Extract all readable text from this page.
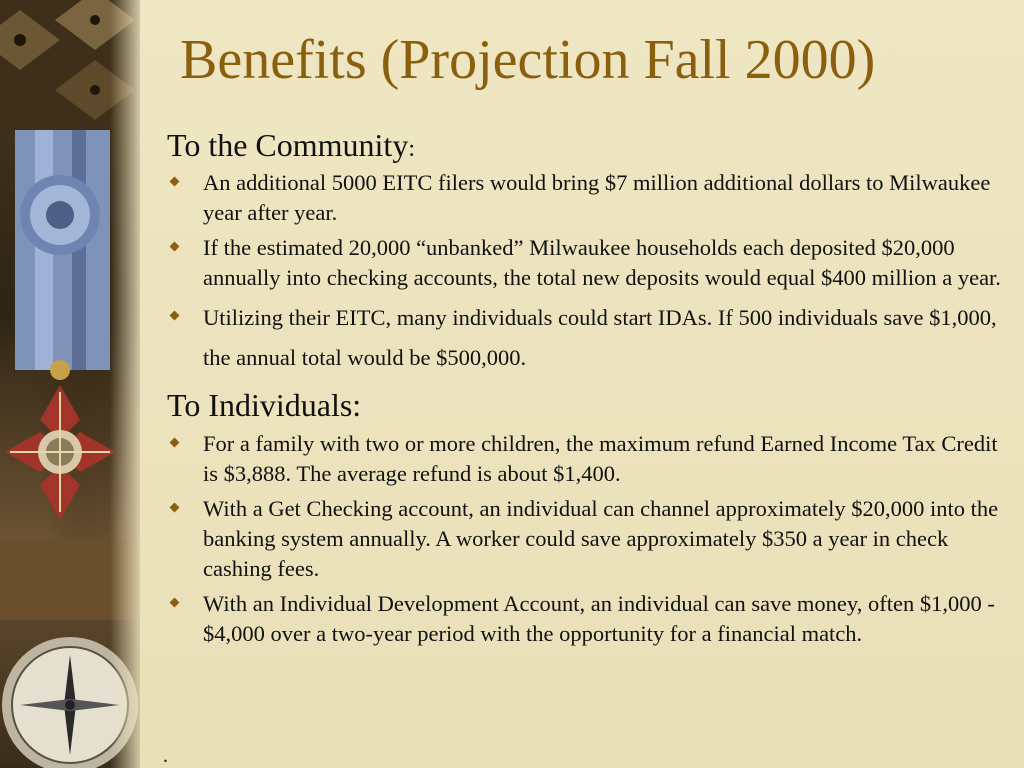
Benefits (Projection Fall 2000)
To the Community:
An additional 5000 EITC filers would bring $7 million additional dollars to Milwaukee year after year.
If the estimated 20,000 “unbanked” Milwaukee households each deposited $20,000 annually into checking accounts, the total new deposits would equal $400 million a year.
Utilizing their EITC, many individuals could start IDAs. If 500 individuals save $1,000, the annual total would be $500,000.
To Individuals:
For a family with two or more children, the maximum refund Earned Income Tax Credit is $3,888. The average refund is about $1,400.
With a Get Checking account, an individual can channel approximately $20,000 into the banking system annually. A worker could save approximately $350 a year in check cashing fees.
With an Individual Development Account, an individual can save money, often $1,000 - $4,000 over a two-year period with the opportunity for a financial match.
.
